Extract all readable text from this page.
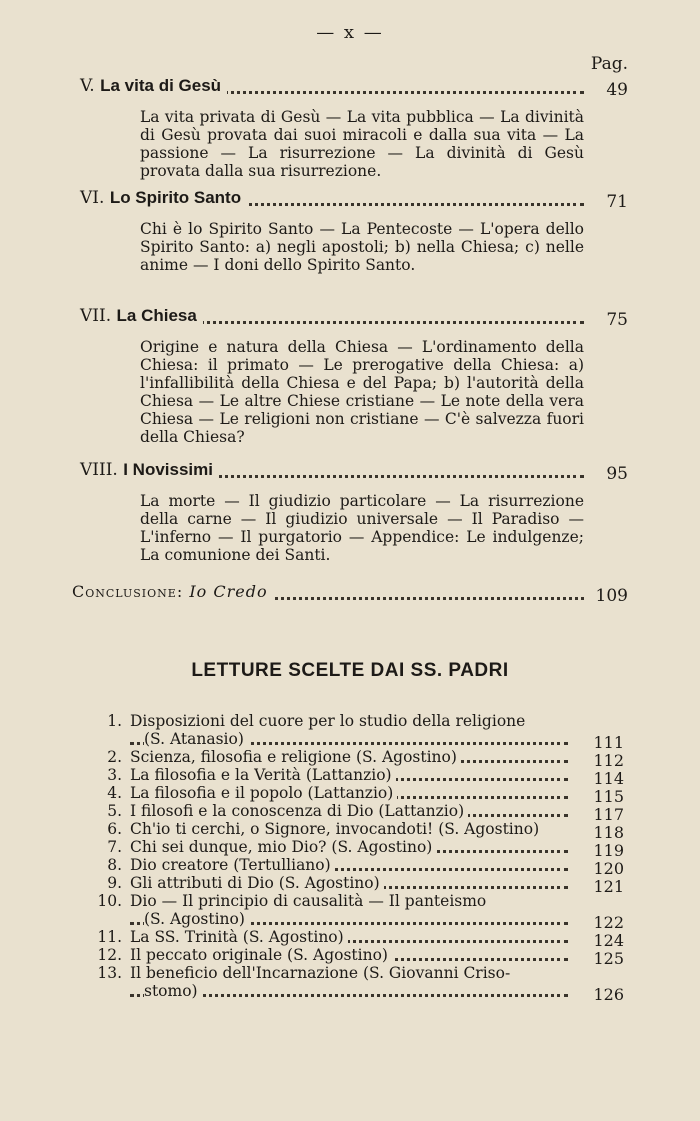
— x —
Pag.
V. La vita di Gesù	49
La vita privata di Gesù — La vita pubblica — La divinità di Gesù provata dai suoi miracoli e dalla sua vita — La passione — La risurrezione — La divinità di Gesù provata dalla sua risurrezione.
VI. Lo Spirito Santo	71
Chi è lo Spirito Santo — La Pentecoste — L'opera dello Spirito Santo: a) negli apostoli; b) nella Chiesa; c) nelle anime — I doni dello Spirito Santo.
VII. La Chiesa	75
Origine e natura della Chiesa — L'ordinamento della Chiesa: il primato — Le prerogative della Chiesa: a) l'infallibilità della Chiesa e del Papa; b) l'autorità della Chiesa — Le altre Chiese cristiane — Le note della vera Chiesa — Le religioni non cristiane — C'è salvezza fuori della Chiesa?
VIII. I Novissimi	95
La morte — Il giudizio particolare — La risurrezione della carne — Il giudizio universale — Il Paradiso — L'inferno — Il purgatorio — Appendice: Le indulgenze; La comunione dei Santi.
Conclusione: Io Credo	109
LETTURE SCELTE DAI SS. PADRI
1. Disposizioni del cuore per lo studio della religione
(S. Atanasio)	111
2. Scienza, filosofia e religione (S. Agostino)	112
3. La filosofia e la Verità (Lattanzio)	114
4. La filosofia e il popolo (Lattanzio)	115
5. I filosofi e la conoscenza di Dio (Lattanzio)	117
6. Ch'io ti cerchi, o Signore, invocandoti! (S. Agostino)	118
7. Chi sei dunque, mio Dio? (S. Agostino)	119
8. Dio creatore (Tertulliano)	120
9. Gli attributi di Dio (S. Agostino)	121
10. Dio — Il principio di causalità — Il panteismo
(S. Agostino)	122
11. La SS. Trinità (S. Agostino)	124
12. Il peccato originale (S. Agostino)	125
13. Il beneficio dell'Incarnazione (S. Giovanni Criso-
stomo)	126
